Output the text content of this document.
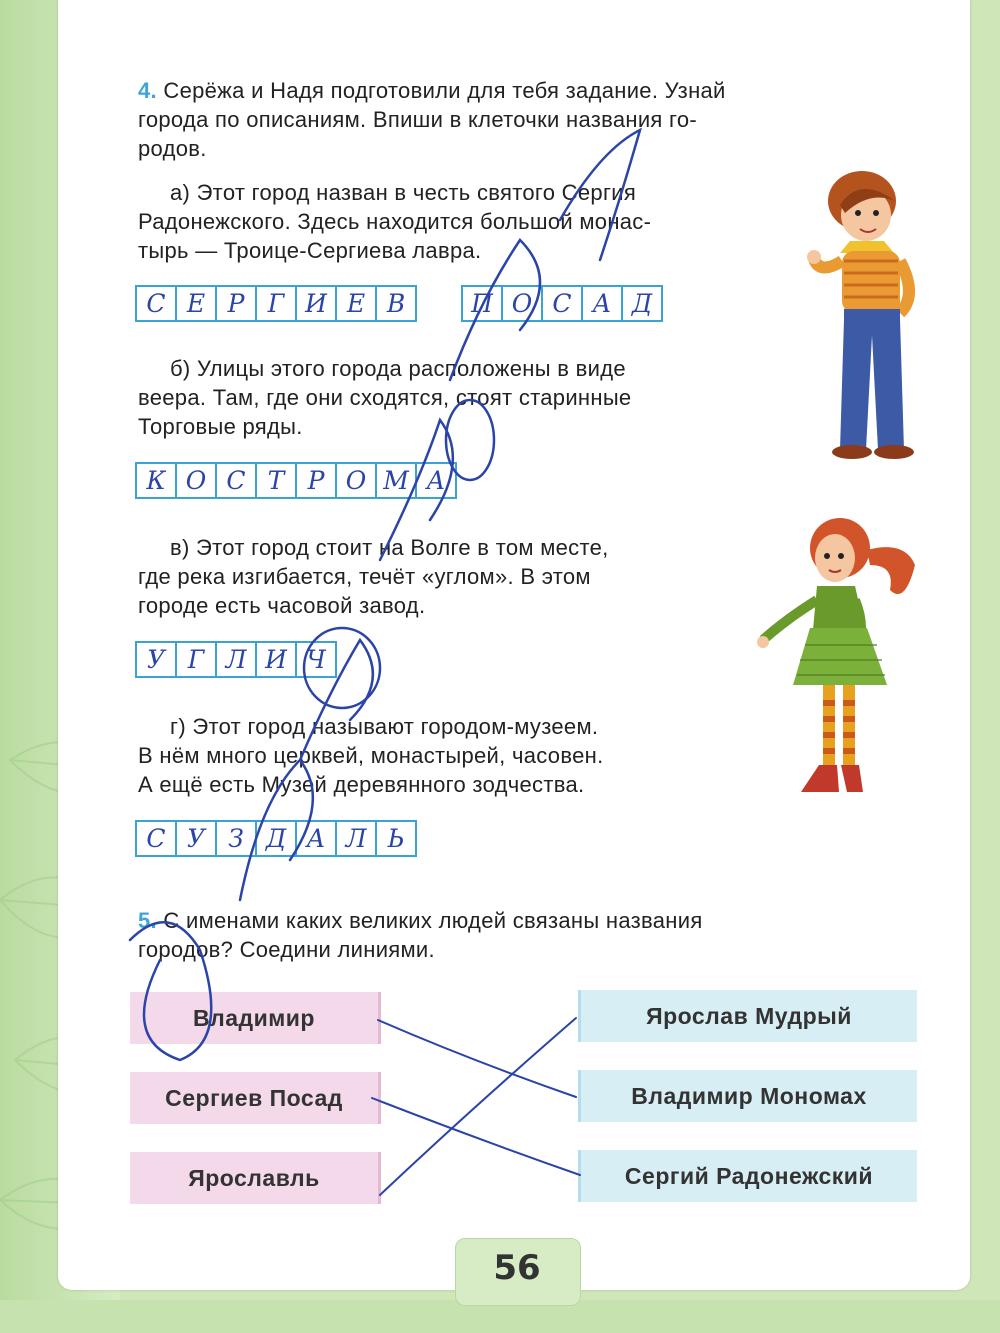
56
4. Серёжа и Надя подготовили для тебя задание. Узнай
города по описаниям. Впиши в клеточки названия го-
родов.
а) Этот город назван в честь святого Сергия
Радонежского. Здесь находится большой монас-
тырь — Троице-Сергиева лавра.
С Е Р Г И Е В	П О С А Д
б) Улицы этого города расположены в виде
веера. Там, где они сходятся, стоят старинные
Торговые ряды.
К О С Т Р О М А
в) Этот город стоит на Волге в том месте,
где река изгибается, течёт «углом». В этом
городе есть часовой завод.
У Г Л И Ч
г) Этот город называют городом-музеем.
В нём много церквей, монастырей, часовен.
А ещё есть Музей деревянного зодчества.
С У З Д А Л Ь
5. С именами каких великих людей связаны названия
городов? Соедини линиями.
Владимир
Сергиев Посад
Ярославль
Ярослав Мудрый
Владимир Мономах
Сергий Радонежский
